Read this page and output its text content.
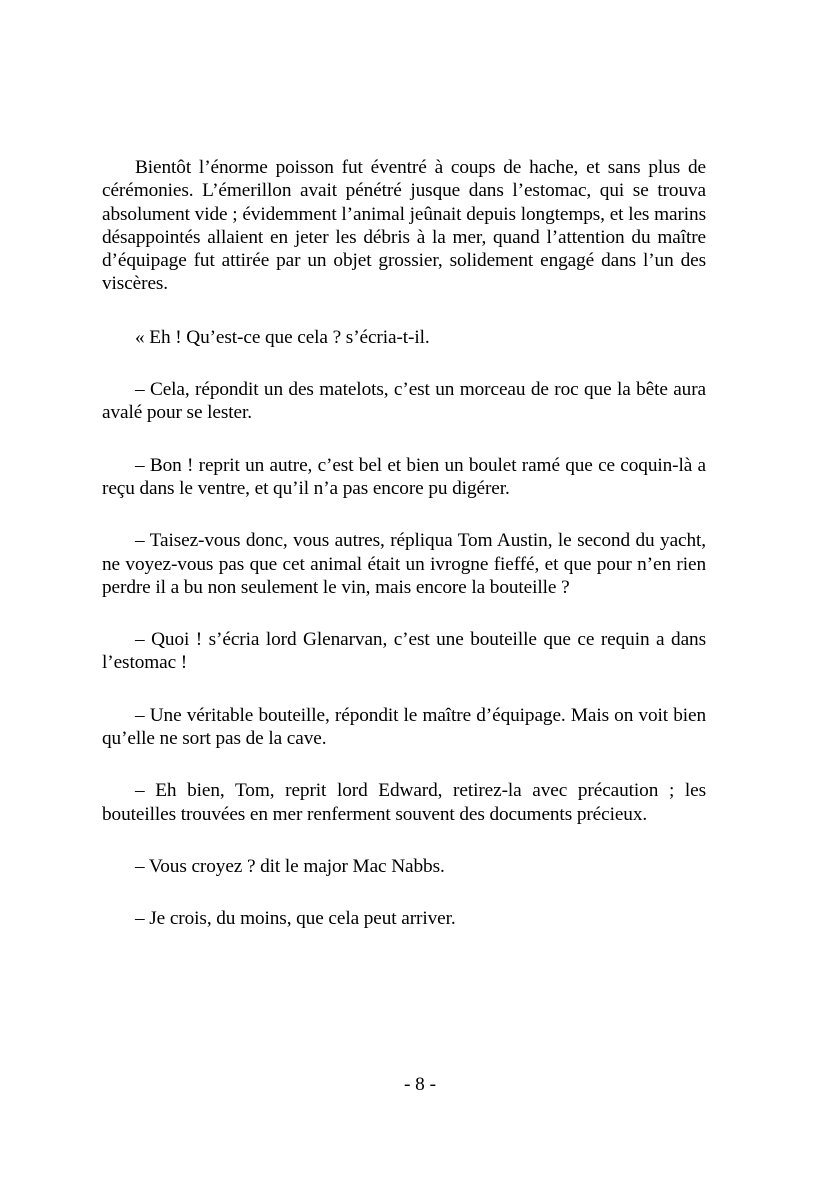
Bientôt l’énorme poisson fut éventré à coups de hache, et sans plus de cérémonies. L’émerillon avait pénétré jusque dans l’estomac, qui se trouva absolument vide ; évidemment l’animal jeûnait depuis longtemps, et les marins désappointés allaient en jeter les débris à la mer, quand l’attention du maître d’équipage fut attirée par un objet grossier, solidement engagé dans l’un des viscères.

« Eh ! Qu’est-ce que cela ? s’écria-t-il.

– Cela, répondit un des matelots, c’est un morceau de roc que la bête aura avalé pour se lester.

– Bon ! reprit un autre, c’est bel et bien un boulet ramé que ce coquin-là a reçu dans le ventre, et qu’il n’a pas encore pu digérer.

– Taisez-vous donc, vous autres, répliqua Tom Austin, le second du yacht, ne voyez-vous pas que cet animal était un ivrogne fieffé, et que pour n’en rien perdre il a bu non seulement le vin, mais encore la bouteille ?

– Quoi ! s’écria lord Glenarvan, c’est une bouteille que ce requin a dans l’estomac !

– Une véritable bouteille, répondit le maître d’équipage. Mais on voit bien qu’elle ne sort pas de la cave.

– Eh bien, Tom, reprit lord Edward, retirez-la avec précaution ; les bouteilles trouvées en mer renferment souvent des documents précieux.

– Vous croyez ? dit le major Mac Nabbs.

– Je crois, du moins, que cela peut arriver.

- 8 -
